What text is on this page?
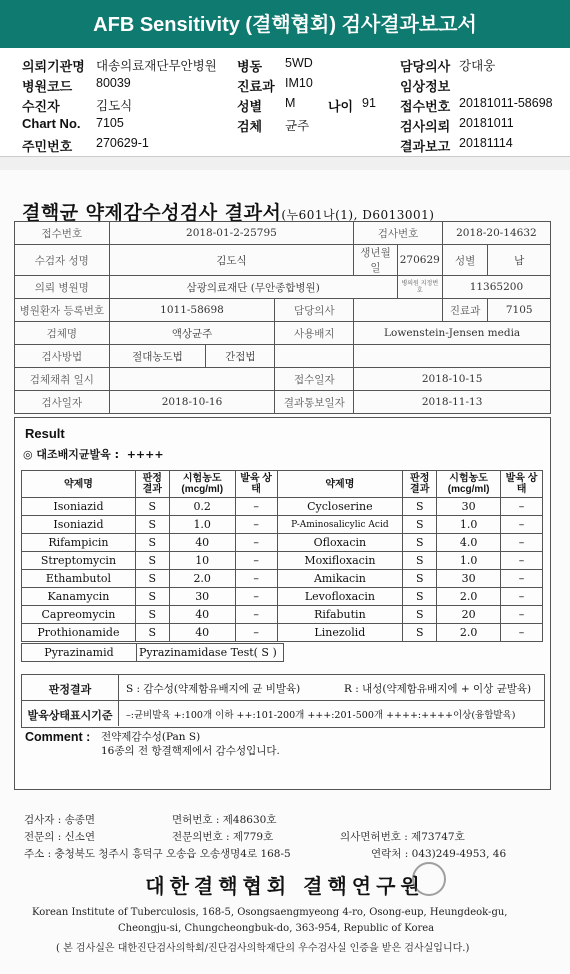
AFB Sensitivity (결핵협회) 검사결과보고서
의뢰기관명 대송의료재단무안병원 병동 5WD	담당의사 강대웅
병원코드 80039	진료과 IM10	임상정보
수진자	김도식	성별 M	나이 91 접수번호 20181011-58698
Chart No. 7105	검체 균주	검사의뢰 20181011
주민번호 270629-1	결과보고 20181114
결핵균 약제감수성검사 결과서(누601나(1), D6013001)
접수번호	2018-01-2-25795			검사번호		2018-20-14632	
수검자 성명	김도식			생년월일	270629	성별	남
의뢰 병원명	삼광의료재단 (무안종합병원)				병의원 지정번호	11365200	
병원환자 등록번호	1011-58698		담당의사			진료과	7105
검체명	액상균주		사용배지	Lowenstein-Jensen media			
검사방법	절대농도법	간접법					
검체채취 일시			접수일자	2018-10-15			
검사일자	2018-10-16		결과통보일자	2018-11-13			
Result
◎ 대조배지균발육 : ++++
약제명	판정 결과	시험농도 (mcg/ml)	발육 상태	약제명	판정 결과	시험농도 (mcg/ml)	발육 상태
Isoniazid	S	0.2	–	Cycloserine	S	30	–
Isoniazid	S	1.0	–	P-Aminosalicylic Acid	S	1.0	–
Rifampicin	S	40	–	Ofloxacin	S	4.0	–
Streptomycin	S	10	–	Moxifloxacin	S	1.0	–
Ethambutol	S	2.0	–	Amikacin	S	30	–
Kanamycin	S	30	–	Levofloxacin	S	2.0	–
Capreomycin	S	40	–	Rifabutin	S	20	–
Prothionamide	S	40	–	Linezolid	S	2.0	–
Pyrazinamid	Pyrazinamidase Test( S )
판정결과	S : 감수성(약제함유배지에 균 비발육)	R : 내성(약제함유배지에 + 이상 균발육)
발육상태표시기준	–:균비발육 +:100개 이하 ++:101-200개 +++:201-500개 ++++:++++이상(융합발육)
Comment : 전약제감수성(Pan S)
16종의 전 항결핵제에서 감수성입니다.
검사자 : 송종면	면허번호 : 제48630호
전문의 : 신소연	전문의번호 : 제779호	의사면허번호 : 제73747호
주소 : 충청북도 청주시 흥덕구 오송읍 오송생명4로 168-5	연락처 : 043)249-4953, 46
대한결핵협회 결핵연구원
Korean Institute of Tuberculosis, 168-5, Osongsaengmyeong 4-ro, Osong-eup, Heungdeok-gu,
Cheongju-si, Chungcheongbuk-do, 363-954, Republic of Korea
( 본 검사실은 대한진단검사의학회/진단검사의학재단의 우수검사실 인증을 받은 검사실입니다.)
